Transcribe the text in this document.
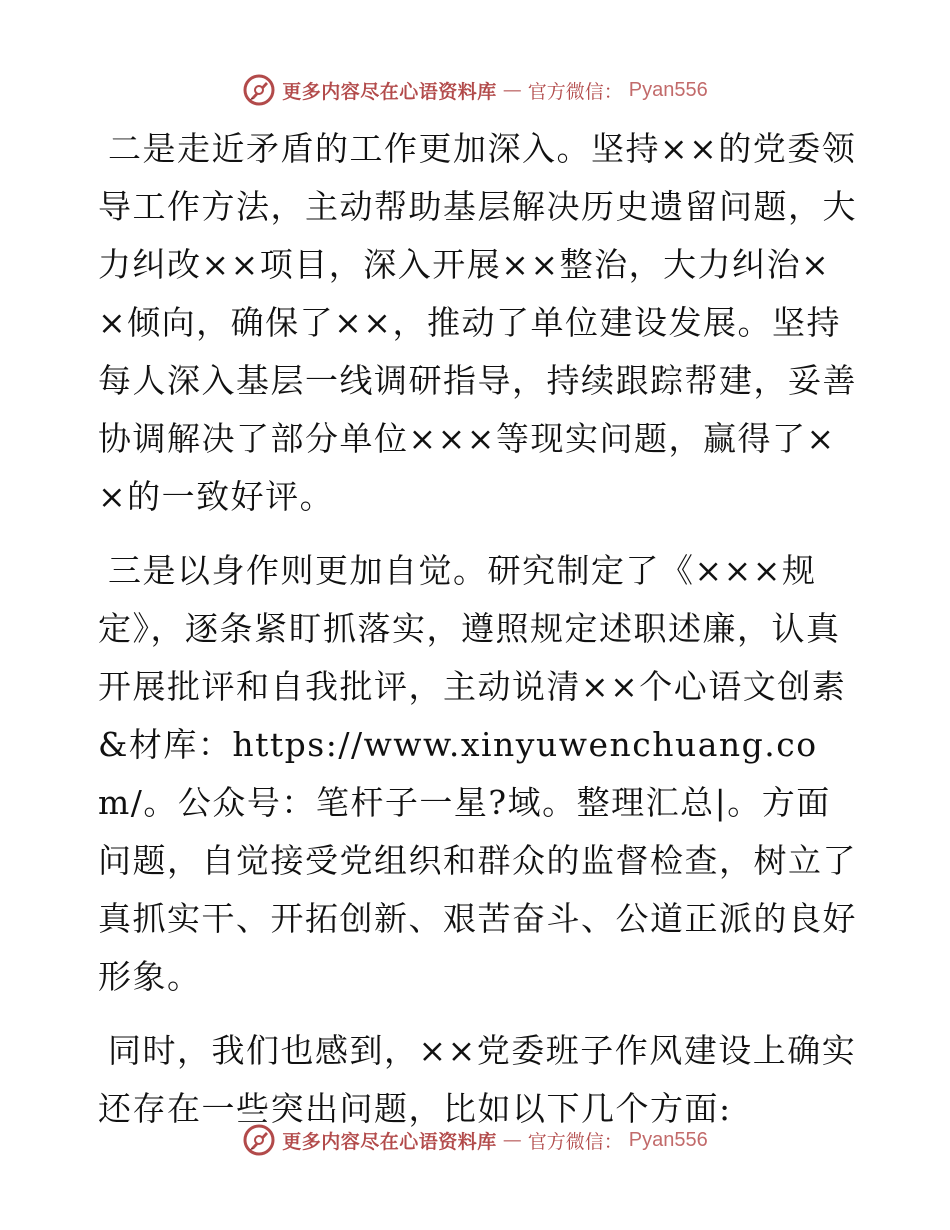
更多内容尽在心语资料库 — 官方微信： Pyan556

二是走近矛盾的工作更加深入。坚持××的党委领导工作方法，主动帮助基层解决历史遗留问题，大力纠改××项目，深入开展××整治，大力纠治××倾向，确保了××，推动了单位建设发展。坚持每人深入基层一线调研指导，持续跟踪帮建，妥善协调解决了部分单位×××等现实问题，赢得了××的一致好评。

三是以身作则更加自觉。研究制定了《×××规定》，逐条紧盯抓落实，遵照规定述职述廉，认真开展批评和自我批评，主动说清××个心语文创素&材库：https://www.xinyuwenchuang.com/。公众号：笔杆子一星?域。整理汇总|。方面问题，自觉接受党组织和群众的监督检查，树立了真抓实干、开拓创新、艰苦奋斗、公道正派的良好形象。

同时，我们也感到，××党委班子作风建设上确实还存在一些突出问题，比如以下几个方面:

更多内容尽在心语资料库 — 官方微信： Pyan556
